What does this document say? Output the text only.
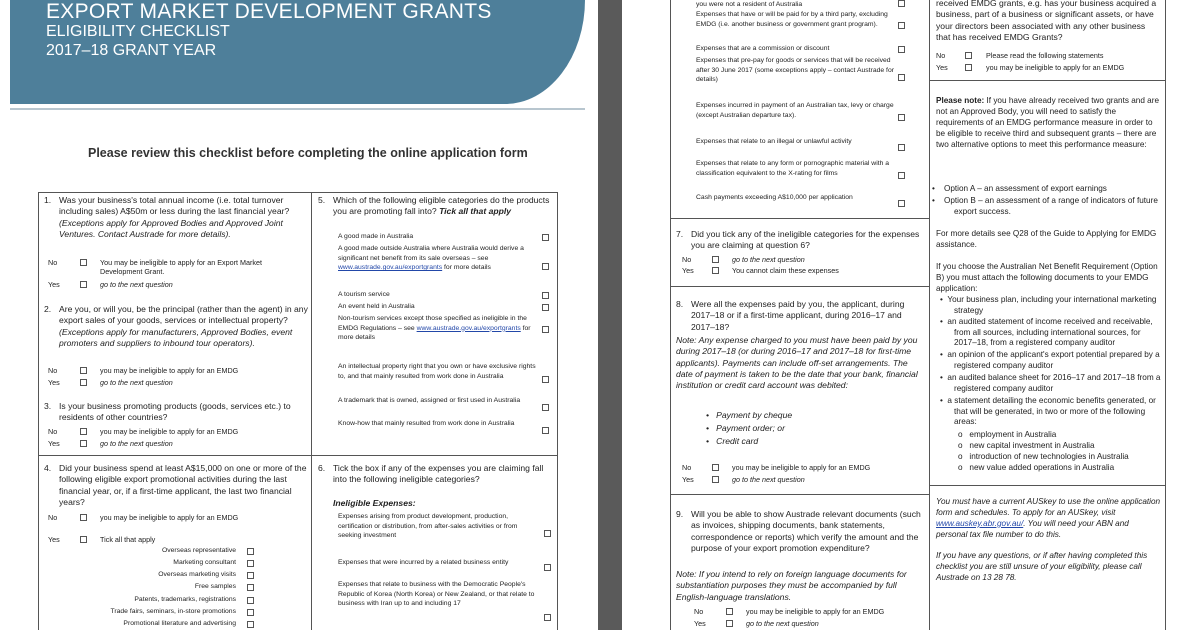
EXPORT MARKET DEVELOPMENT GRANTS
ELIGIBILITY CHECKLIST
2017–18 GRANT YEAR
Please review this checklist before completing the online application form
1. Was your business's total annual income (i.e. total turnover including sales) A$50m or less during the last financial year? (Exceptions apply for Approved Bodies and Approved Joint Ventures. Contact Austrade for more details).
No	You may be ineligible to apply for an Export Market Development Grant.
Yes	go to the next question
2. Are you, or will you, be the principal (rather than the agent) in any export sales of your goods, services or intellectual property? (Exceptions apply for manufacturers, Approved Bodies, event promoters and suppliers to inbound tour operators).
No	you may be ineligible to apply for an EMDG
Yes	go to the next question
3. Is your business promoting products (goods, services etc.) to residents of other countries?
No	you may be ineligible to apply for an EMDG
Yes	go to the next question
4. Did your business spend at least A$15,000 on one or more of the following eligible export promotional activities during the last financial year, or, if a first-time applicant, the last two financial years?
No	you may be ineligible to apply for an EMDG
Yes	Tick all that apply
Overseas representative
Marketing consultant
Overseas marketing visits
Free samples
Patents, trademarks, registrations
Trade fairs, seminars, in-store promotions
Promotional literature and advertising
5. Which of the following eligible categories do the products you are promoting fall into? Tick all that apply
A good made in Australia
A good made outside Australia where Australia would derive a significant net benefit from its sale overseas – see www.austrade.gov.au/exportgrants for more details
A tourism service
An event held in Australia
Non-tourism services except those specified as ineligible in the EMDG Regulations – see www.austrade.gov.au/exportgrants for more details
An intellectual property right that you own or have exclusive rights to, and that mainly resulted from work done in Australia
A trademark that is owned, assigned or first used in Australia
Know-how that mainly resulted from work done in Australia
6. Tick the box if any of the expenses you are claiming fall into the following ineligible categories?
Ineligible Expenses:
Expenses arising from product development, production, certification or distribution, from after-sales activities or from seeking investment
Expenses that were incurred by a related business entity
Expenses that relate to business with the Democratic People's Republic of Korea (North Korea) or New Zealand, or that relate to business with Iran up to and including 17
you were not a resident of Australia
Expenses that have or will be paid for by a third party, excluding EMDG (i.e. another business or government grant program).
Expenses that are a commission or discount
Expenses that pre-pay for goods or services that will be received after 30 June 2017 (some exceptions apply – contact Austrade for details)
Expenses incurred in payment of an Australian tax, levy or charge (except Australian departure tax).
Expenses that relate to an illegal or unlawful activity
Expenses that relate to any form or pornographic material with a classification equivalent to the X-rating for films
Cash payments exceeding A$10,000 per application
7. Did you tick any of the ineligible categories for the expenses you are claiming at question 6?
No	go to the next question
Yes	You cannot claim these expenses
8. Were all the expenses paid by you, the applicant, during 2017–18 or if a first-time applicant, during 2016–17 and 2017–18?
Note: Any expense charged to you must have been paid by you during 2017–18 (or during 2016–17 and 2017–18 for first-time applicants). Payments can include off-set arrangements. The date of payment is taken to be the date that your bank, financial institution or credit card account was debited:
•   Payment by cheque
•   Payment order; or
•   Credit card
No	you may be ineligible to apply for an EMDG
Yes	go to the next question
9. Will you be able to show Austrade relevant documents (such as invoices, shipping documents, bank statements, correspondence or reports) which verify the amount and the purpose of your export promotion expenditure?
Note: If you intend to rely on foreign language documents for substantiation purposes they must be accompanied by full English-language translations.
No	you may be ineligible to apply for an EMDG
Yes	go to the next question
received EMDG grants, e.g. has your business acquired a business, part of a business or significant assets, or have your directors been associated with any other business that has received EMDG Grants?
No	Please read the following statements
Yes	you may be ineligible to apply for an EMDG
Please note: If you have already received two grants and are not an Approved Body, you will need to satisfy the requirements of an EMDG performance measure in order to be eligible to receive third and subsequent grants – there are two alternative options to meet this performance measure:
•    Option A – an assessment of export earnings
•    Option B – an assessment of a range of indicators of future export success.
For more details see Q28 of the Guide to Applying for EMDG assistance.
If you choose the Australian Net Benefit Requirement (Option B) you must attach the following documents to your EMDG application:
•  Your business plan, including your international marketing strategy
•  an audited statement of income received and receivable, from all sources, including international sources, for 2017–18, from a registered company auditor
•  an opinion of the applicant's export potential prepared by a registered company auditor
•  an audited balance sheet for 2016–17 and 2017–18 from a registered company auditor
•  a statement detailing the economic benefits generated, or that will be generated, in two or more of the following areas:
o   employment in Australia
o   new capital investment in Australia
o   introduction of new technologies in Australia
o   new value added operations in Australia
You must have a current AUSkey to use the online application form and schedules. To apply for an AUSkey, visit www.auskey.abr.gov.au/. You will need your ABN and personal tax file number to do this.
If you have any questions, or if after having completed this checklist you are still unsure of your eligibility, please call Austrade on 13 28 78.
